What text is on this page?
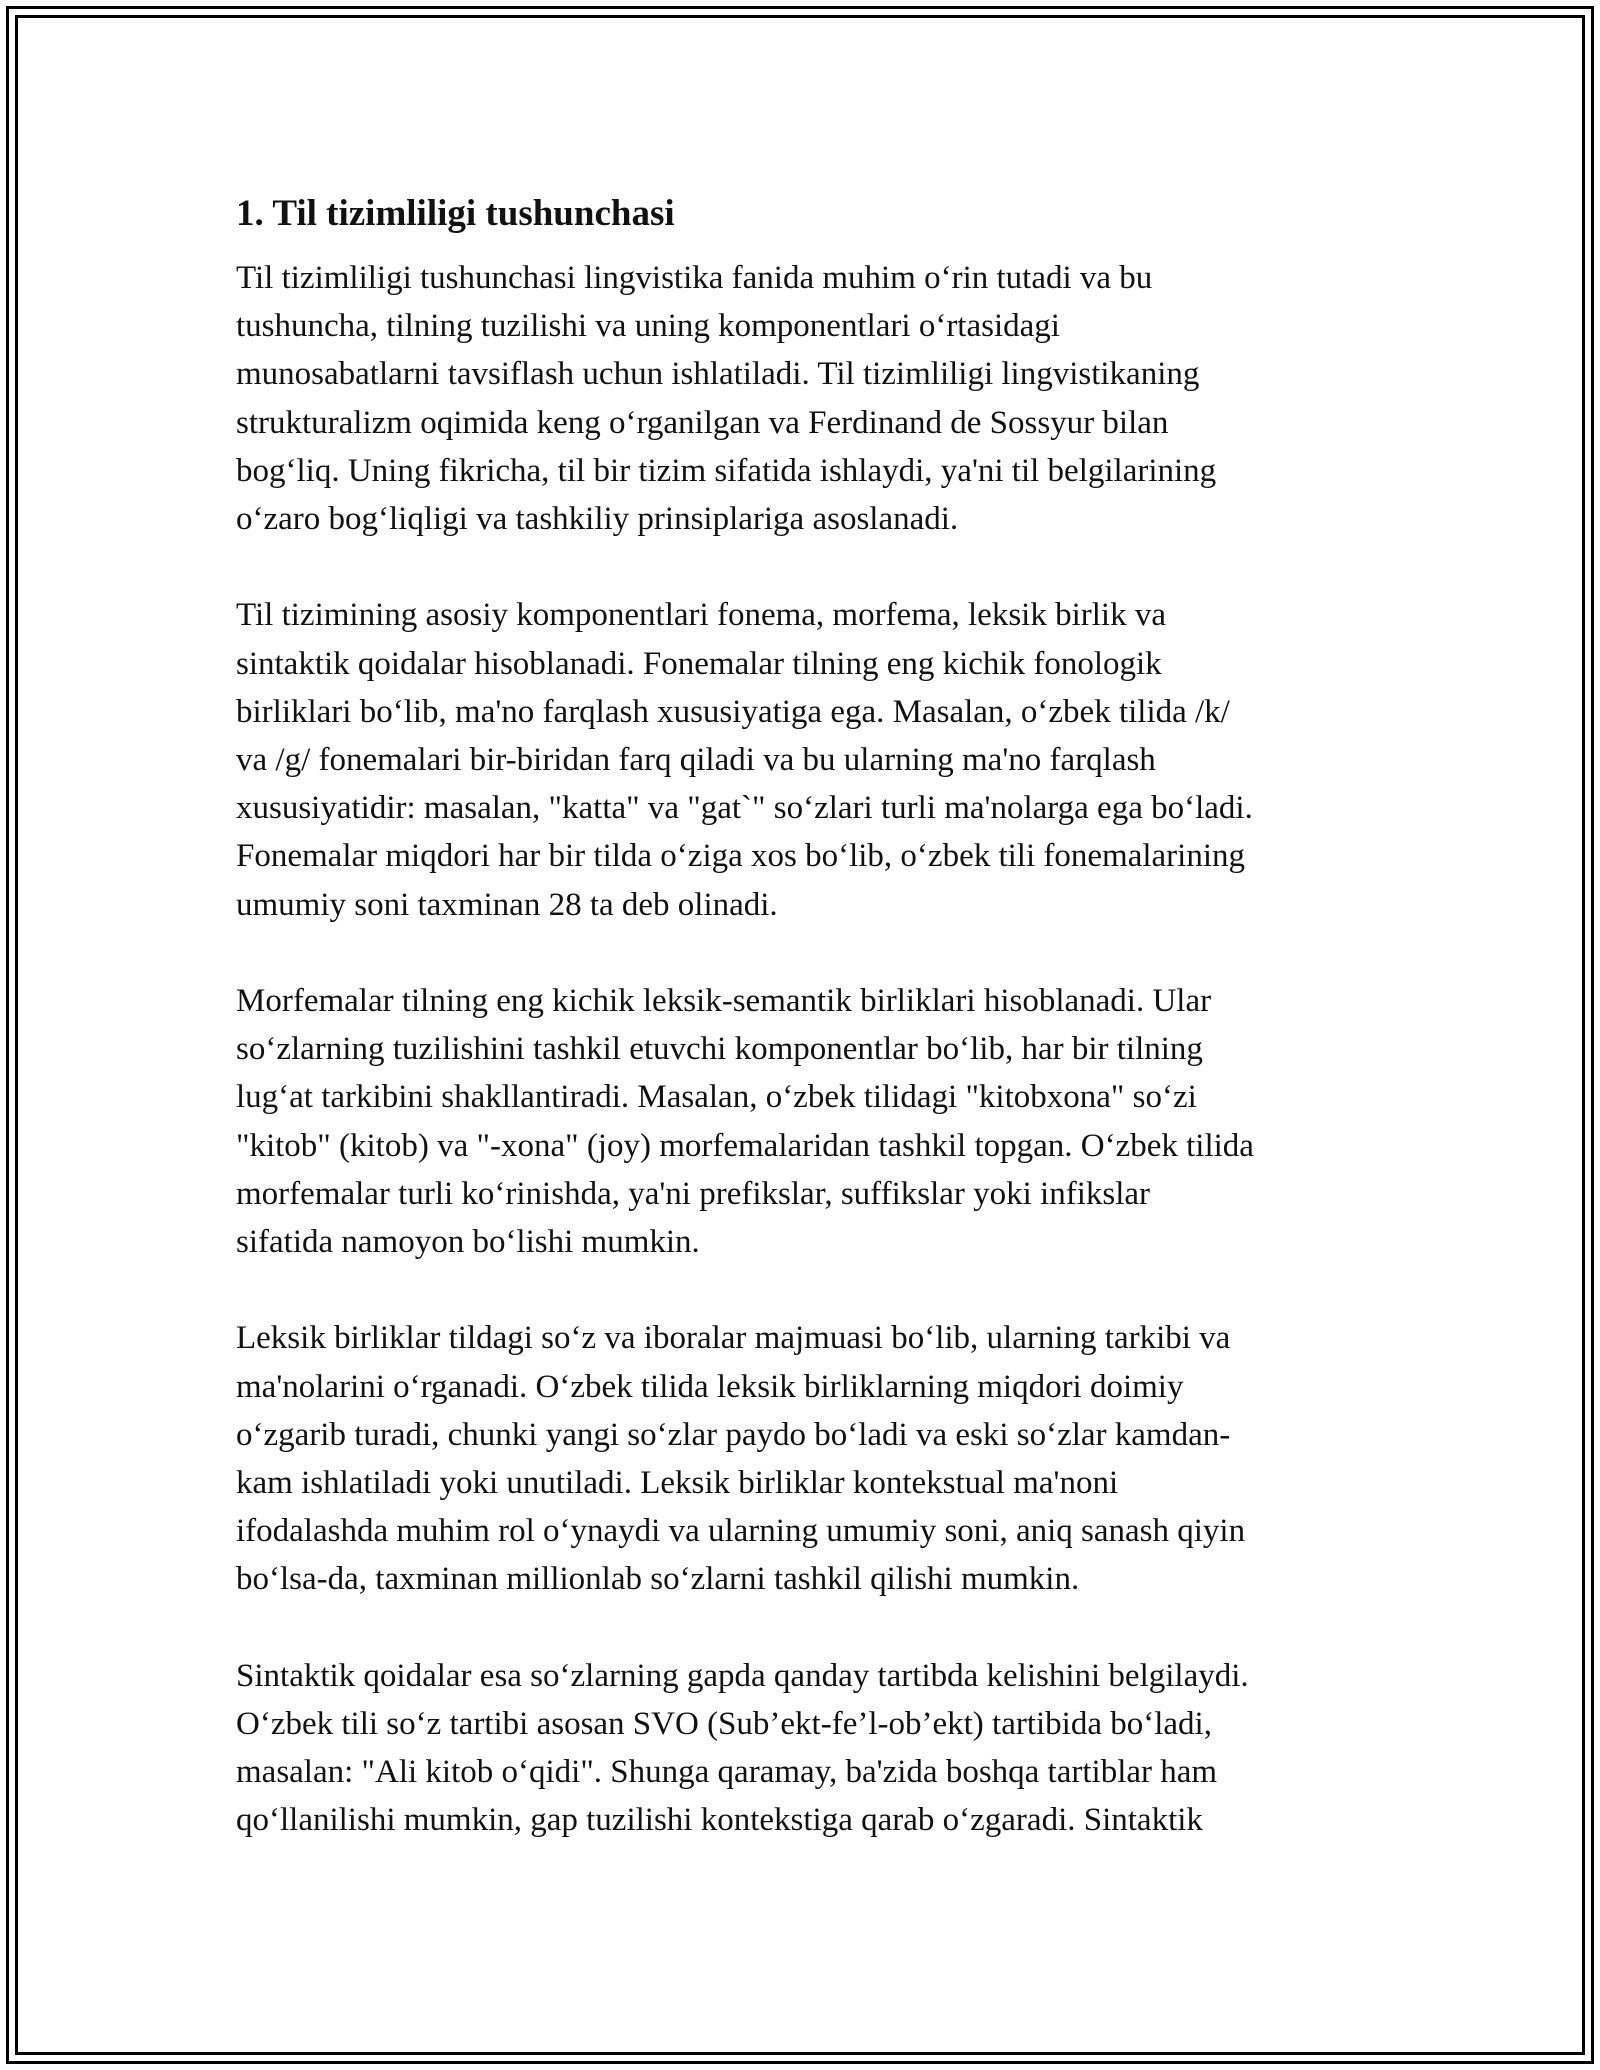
1. Til tizimliligi tushunchasi
Til tizimliligi tushunchasi lingvistika fanida muhim o‘rin tutadi va bu
tushuncha, tilning tuzilishi va uning komponentlari o‘rtasidagi
munosabatlarni tavsiflash uchun ishlatiladi. Til tizimliligi lingvistikaning
strukturalizm oqimida keng o‘rganilgan va Ferdinand de Sossyur bilan
bog‘liq. Uning fikricha, til bir tizim sifatida ishlaydi, ya'ni til belgilarining
o‘zaro bog‘liqligi va tashkiliy prinsiplariga asoslanadi.
Til tizimining asosiy komponentlari fonema, morfema, leksik birlik va
sintaktik qoidalar hisoblanadi. Fonemalar tilning eng kichik fonologik
birliklari bo‘lib, ma'no farqlash xususiyatiga ega. Masalan, o‘zbek tilida /k/
va /g/ fonemalari bir-biridan farq qiladi va bu ularning ma'no farqlash
xususiyatidir: masalan, "katta" va "gat`" so‘zlari turli ma'nolarga ega bo‘ladi.
Fonemalar miqdori har bir tilda o‘ziga xos bo‘lib, o‘zbek tili fonemalarining
umumiy soni taxminan 28 ta deb olinadi.
Morfemalar tilning eng kichik leksik-semantik birliklari hisoblanadi. Ular
so‘zlarning tuzilishini tashkil etuvchi komponentlar bo‘lib, har bir tilning
lug‘at tarkibini shakllantiradi. Masalan, o‘zbek tilidagi "kitobxona" so‘zi
"kitob" (kitob) va "-xona" (joy) morfemalaridan tashkil topgan. O‘zbek tilida
morfemalar turli ko‘rinishda, ya'ni prefikslar, suffikslar yoki infikslar
sifatida namoyon bo‘lishi mumkin.
Leksik birliklar tildagi so‘z va iboralar majmuasi bo‘lib, ularning tarkibi va
ma'nolarini o‘rganadi. O‘zbek tilida leksik birliklarning miqdori doimiy
o‘zgarib turadi, chunki yangi so‘zlar paydo bo‘ladi va eski so‘zlar kamdan-
kam ishlatiladi yoki unutiladi. Leksik birliklar kontekstual ma'noni
ifodalashda muhim rol o‘ynaydi va ularning umumiy soni, aniq sanash qiyin
bo‘lsa-da, taxminan millionlab so‘zlarni tashkil qilishi mumkin.
Sintaktik qoidalar esa so‘zlarning gapda qanday tartibda kelishini belgilaydi.
O‘zbek tili so‘z tartibi asosan SVO (Sub’ekt-fe’l-ob’ekt) tartibida bo‘ladi,
masalan: "Ali kitob o‘qidi". Shunga qaramay, ba'zida boshqa tartiblar ham
qo‘llanilishi mumkin, gap tuzilishi kontekstiga qarab o‘zgaradi. Sintaktik
